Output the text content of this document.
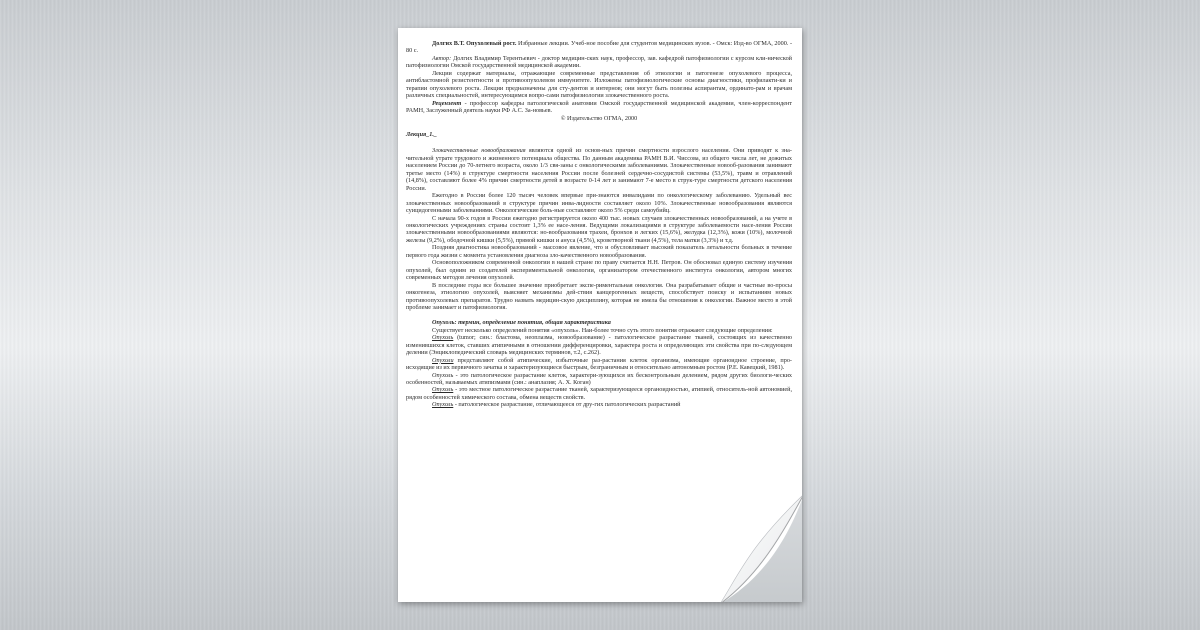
Долгих В.Т. Опухолевый рост. Избранные лекции. Учеб-ное пособие для студентов медицинских вузов. - Омск: Изд-во ОГМА, 2000. - 80 с.

Автор: Долгих Владимир Терентьевич - доктор медицин-ских наук, профессор, зав. кафедрой патофизиологии с курсом кли-нической патофизиологии Омской государственной медицинской академии.

Лекции содержат материалы, отражающие современные представления об этиологии и патогенезе опухолевого процесса, антибластомной резистентности и противоопухолевом иммунитете. Изложены патофизиологические основы диагностики, профилакти-ки и терапии опухолевого роста. Лекции предназначены для сту-дентов и интернов; они могут быть полезны аспирантам, ординато-рам и врачам различных специальностей, интересующимся вопро-сами патофизиологии злокачественного роста.

Рецензент - профессор кафедры патологической анатомии Омской государственной медицинской академии, член-корреспондент РАМН, Заслуженный деятель науки РФ А.С. За-новьев.

© Издательство ОГМА, 2000

Лекция_1._

Злокачественные новообразования являются одной из основ-ных причин смертности взрослого населения. Они приводят к зна-чительной утрате трудового и жизненного потенциала общества. По данным академика РАМН В.И. Чиссова, из общего числа лет, не дожитых населением России до 70-летнего возраста, около 1/3 свя-заны с онкологическими заболеваниями. Злокачественные новооб-разования занимают третье место (14%) в структуре смертности населения России после болезней сердечно-сосудистой системы (53,5%), травм и отравлений (14,8%), составляют более 4% причин смертности детей в возрасте 0-14 лет и занимают 7-е место в струк-туре смертности детского населения России.

Ежегодно в России более 120 тысяч человек впервые при-знаются инвалидами по онкологическому заболеванию. Удельный вес злокачественных новообразований в структуре причин инва-лидности составляет около 10%. Злокачественные новообразования являются суицидогенными заболеваниями. Онкологические боль-ные составляют около 5% среди самоубийц.

С начала 90-х годов в России ежегодно регистрируется около 400 тыс. новых случаев злокачественных новообразований, а на учете в онкологических учреждениях страны состоит 1,3% ее насе-ления. Ведущими локализациями в структуре заболеваемости насе-ления России злокачественными новообразованиями являются: но-вообразования трахеи, бронхов и легких (15,6%), желудка (12,3%), кожи (10%), молочной железы (9,2%), ободочной кишки (5,5%), прямой кишки и ануса (4,5%), кроветворной ткани (4,5%), тела матки (3,3%) и т.д.

Поздняя диагностика новообразований - массовое явление, что и обусловливает высокий показатель летальности больных в течение первого года жизни с момента установления диагноза зло-качественного новообразования.

Основоположником современной онкологии в нашей стране по праву считается Н.Н. Петров. Он обосновал единую систему изучения опухолей, был одним из создателей экспериментальной онкологии, организатором отечественного института онкологии, автором многих современных методов лечения опухолей.

В последние годы все большее значение приобретает экспе-риментальная онкология. Она разрабатывает общие и частные во-просы онкогенеза, этиологию опухолей, выясняет механизмы дей-ствия канцерогенных веществ, способствует поиску и испытаниям новых противоопухолевых препаратов. Трудно назвать медицин-скую дисциплину, которая не имела бы отношения к онкологии. Важное место в этой проблеме занимает и патофизиология.

Опухоль: термин, определение понятия, общая характеристика

Существует несколько определений понятия «опухоль». Наи-более точно суть этого понятия отражают следующие определения:

Опухоль (tumor; син.: бластома, неоплазма, новообразование) - патологическое разрастание тканей, состоящих из качественно изменившихся клеток, ставших атипичными в отношении дифференцировки, характера роста и определяющих эти свойства при по-следующем делении (Энциклопедический словарь медицинских терминов, т.2, с.262).

Опухоли представляют собой атипические, избыточные раз-растания клеток организма, имеющие органоидное строение, про-исходящие из их первичного зачатка и характеризующиеся быстрым, безграничным и относительно автономным ростом (Р.Е. Кавецкий, 1981).

Опухоль - это патологическое разрастание клеток, характери-зующихся их бесконтрольным делением, рядом других биологи-ческих особенностей, называемых атипизмами (син.: анаплазия; А. Х. Коган)

Опухоль - это местное патологическое разрастание тканей, характеризующееся органоидностью, атипией, относитель-ной автономией, рядом особенностей химического состава, обмена веществ свойств.

Опухоль - патологическое разрастание, отличающееся от дру-гих патологических разрастаний
